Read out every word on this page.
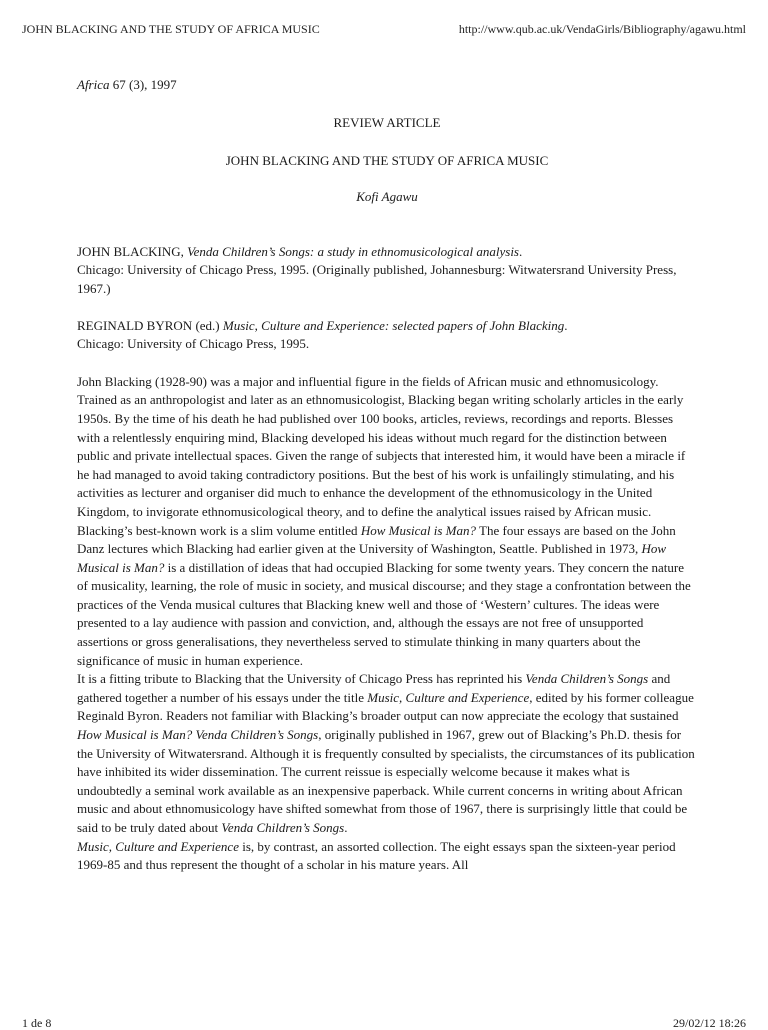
JOHN BLACKING AND THE STUDY OF AFRICA MUSIC	http://www.qub.ac.uk/VendaGirls/Bibliography/agawu.html

Africa 67 (3), 1997

REVIEW ARTICLE

JOHN BLACKING AND THE STUDY OF AFRICA MUSIC

Kofi Agawu

JOHN BLACKING, Venda Children’s Songs: a study in ethnomusicological analysis.
Chicago: University of Chicago Press, 1995. (Originally published, Johannesburg: Witwatersrand University Press, 1967.)

REGINALD BYRON (ed.) Music, Culture and Experience: selected papers of John Blacking.
Chicago: University of Chicago Press, 1995.

John Blacking (1928-90) was a major and influential figure in the fields of African music and ethnomusicology. Trained as an anthropologist and later as an ethnomusicologist, Blacking began writing scholarly articles in the early 1950s. By the time of his death he had published over 100 books, articles, reviews, recordings and reports. Blesses with a relentlessly enquiring mind, Blacking developed his ideas without much regard for the distinction between public and private intellectual spaces. Given the range of subjects that interested him, it would have been a miracle if he had managed to avoid taking contradictory positions. But the best of his work is unfailingly stimulating, and his activities as lecturer and organiser did much to enhance the development of the ethnomusicology in the United Kingdom, to invigorate ethnomusicological theory, and to define the analytical issues raised by African music.

Blacking’s best-known work is a slim volume entitled How Musical is Man? The four essays are based on the John Danz lectures which Blacking had earlier given at the University of Washington, Seattle. Published in 1973, How Musical is Man? is a distillation of ideas that had occupied Blacking for some twenty years. They concern the nature of musicality, learning, the role of music in society, and musical discourse; and they stage a confrontation between the practices of the Venda musical cultures that Blacking knew well and those of ‘Western’ cultures. The ideas were presented to a lay audience with passion and conviction, and, although the essays are not free of unsupported assertions or gross generalisations, they nevertheless served to stimulate thinking in many quarters about the significance of music in human experience.

It is a fitting tribute to Blacking that the University of Chicago Press has reprinted his Venda Children’s Songs and gathered together a number of his essays under the title Music, Culture and Experience, edited by his former colleague Reginald Byron. Readers not familiar with Blacking’s broader output can now appreciate the ecology that sustained How Musical is Man? Venda Children’s Songs, originally published in 1967, grew out of Blacking’s Ph.D. thesis for the University of Witwatersrand. Although it is frequently consulted by specialists, the circumstances of its publication have inhibited its wider dissemination. The current reissue is especially welcome because it makes what is undoubtedly a seminal work available as an inexpensive paperback. While current concerns in writing about African music and about ethnomusicology have shifted somewhat from those of 1967, there is surprisingly little that could be said to be truly dated about Venda Children’s Songs.

Music, Culture and Experience is, by contrast, an assorted collection. The eight essays span the sixteen-year period 1969-85 and thus represent the thought of a scholar in his mature years. All

1 de 8	29/02/12 18:26
